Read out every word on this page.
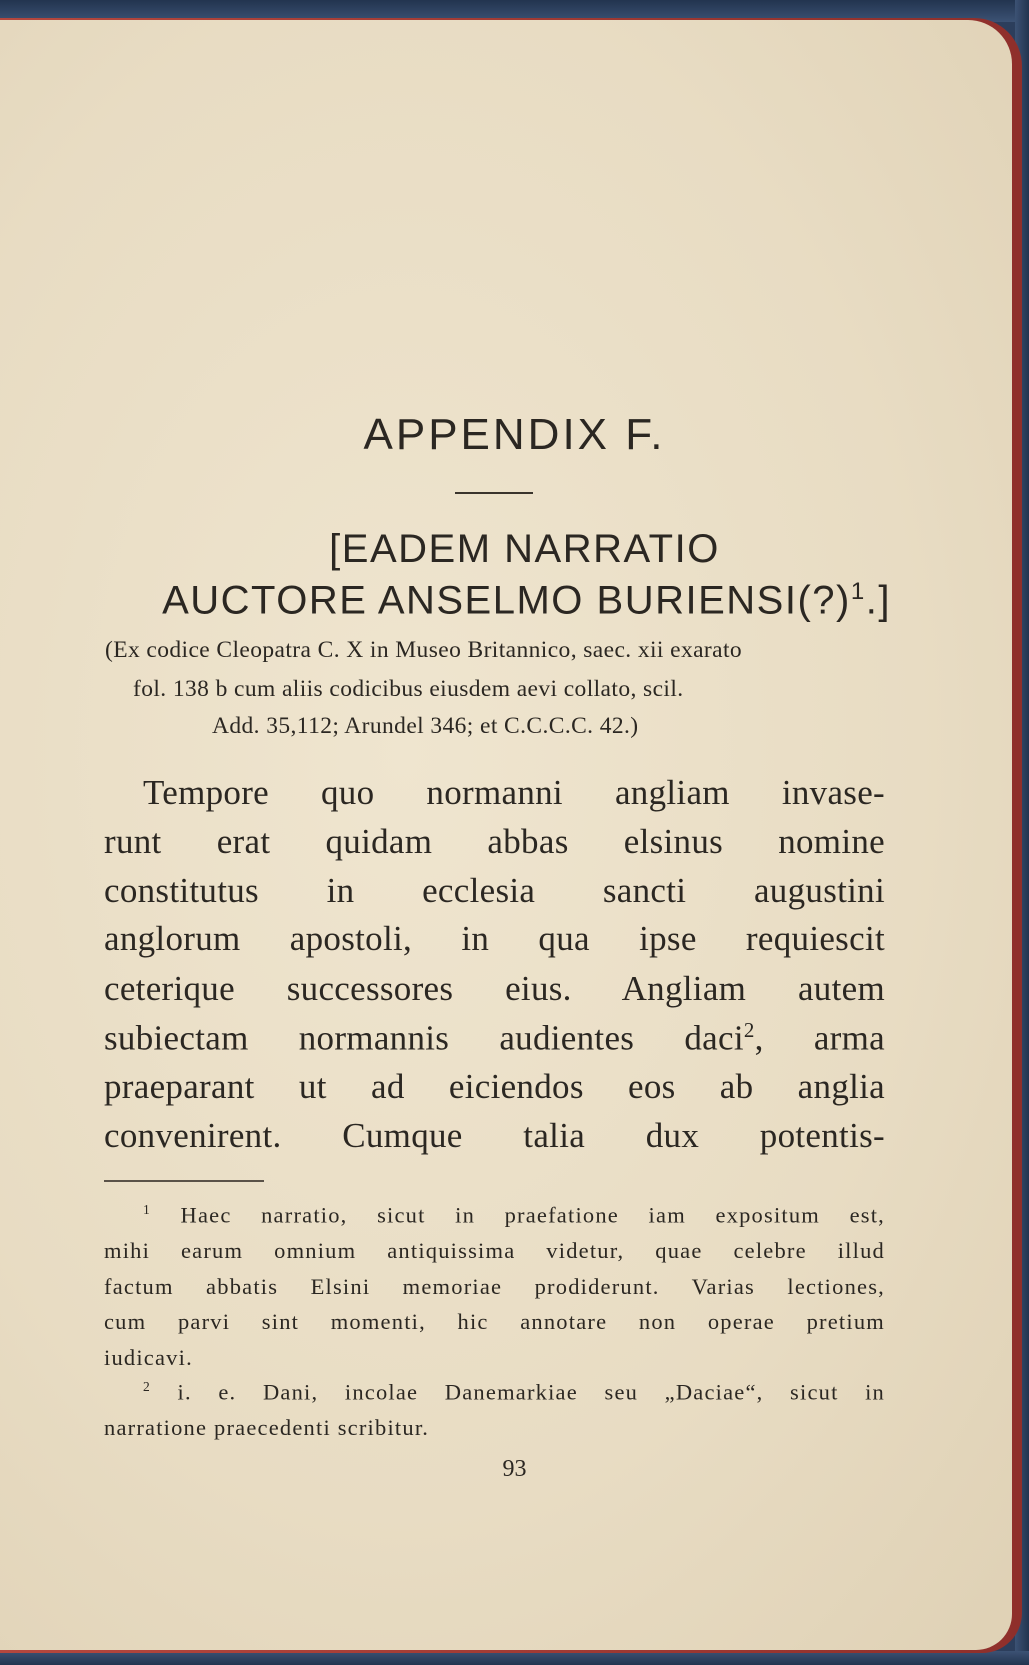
APPENDIX F.
[EADEM NARRATIO
AUCTORE ANSELMO BURIENSI(?)$^1$.]
(Ex codice Cleopatra C. X in Museo Britannico, saec. xii exarato
fol. 138 b cum aliis codicibus eiusdem aevi collato, scil.
Add. 35,112; Arundel 346; et C.C.C.C. 42.)
Tempore quo normanni angliam invase-
runt erat quidam abbas elsinus nomine
constitutus in ecclesia sancti augustini
anglorum apostoli, in qua ipse requiescit
ceterique successores eius. Angliam autem
subiectam normannis audientes daci$^2$, arma
praeparant ut ad eiciendos eos ab anglia
convenirent. Cumque talia dux potentis-
$^1$ Haec narratio, sicut in praefatione iam expositum est,
mihi earum omnium antiquissima videtur, quae celebre illud
factum abbatis Elsini memoriae prodiderunt. Varias lectiones,
cum parvi sint momenti, hic annotare non operae pretium
iudicavi.
$^2$ i. e. Dani, incolae Danemarkiae seu „Daciae“, sicut in
narratione praecedenti scribitur.
93
